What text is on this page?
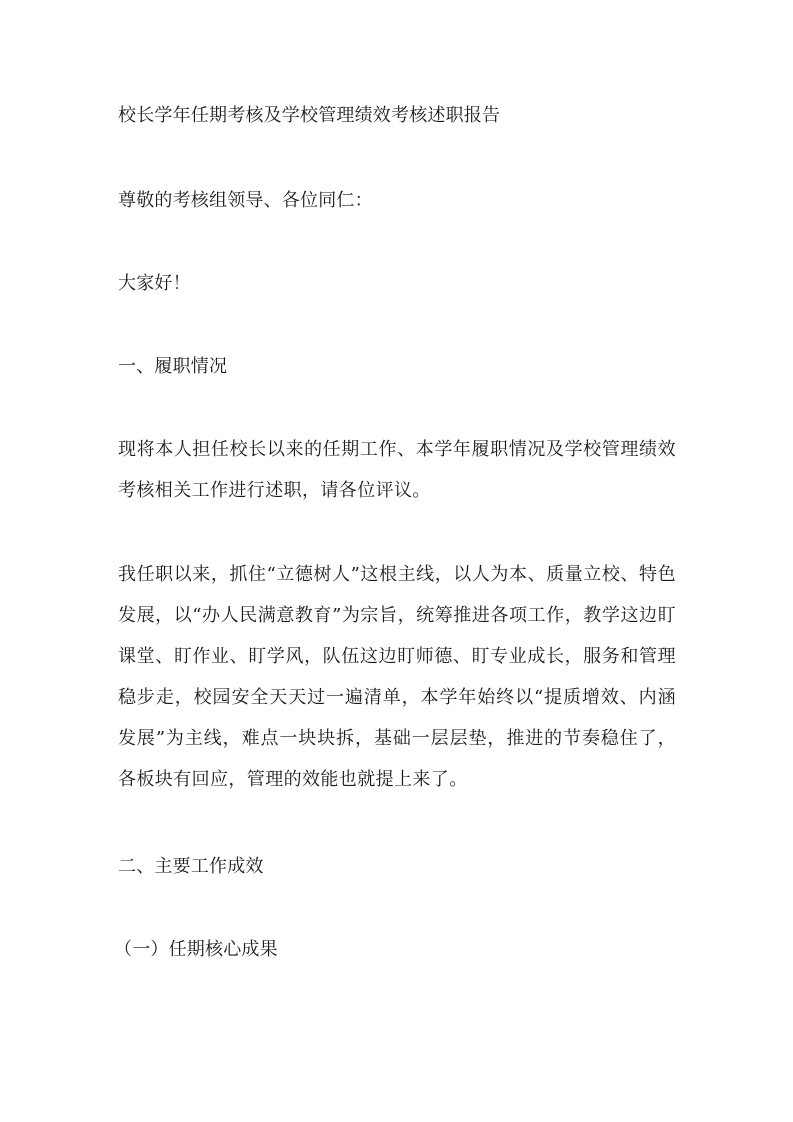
校长学年任期考核及学校管理绩效考核述职报告
尊敬的考核组领导、各位同仁：
大家好！
一、履职情况
现将本人担任校长以来的任期工作、本学年履职情况及学校管理绩效考核相关工作进行述职，请各位评议。
我任职以来，抓住“立德树人”这根主线，以人为本、质量立校、特色发展，以“办人民满意教育”为宗旨，统筹推进各项工作，教学这边盯课堂、盯作业、盯学风，队伍这边盯师德、盯专业成长，服务和管理稳步走，校园安全天天过一遍清单，本学年始终以“提质增效、内涵发展”为主线，难点一块块拆，基础一层层垫，推进的节奏稳住了，各板块有回应，管理的效能也就提上来了。
二、主要工作成效
（一）任期核心成果
